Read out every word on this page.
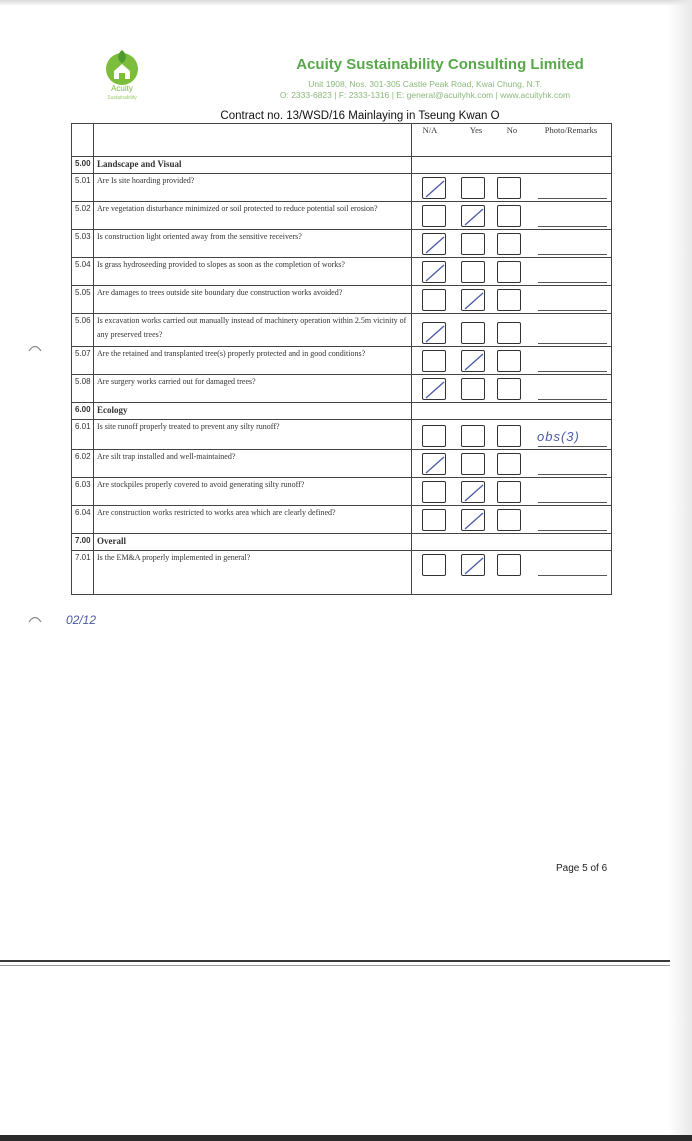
Acuity
Sustainability
Acuity Sustainability Consulting Limited
Unit 1908, Nos. 301-305 Castle Peak Road, Kwai Chung, N.T.
O: 2333-6823 | F: 2333-1316 | E: general@acuityhk.com | www.acuityhk.com
Contract no. 13/WSD/16 Mainlaying in Tseung Kwan O
N/A	Yes	No	Photo/Remarks
5.00 Landscape and Visual
5.01 Are Is site hoarding provided?
5.02 Are vegetation disturbance minimized or soil protected to reduce potential soil erosion?
5.03 Is construction light oriented away from the sensitive receivers?
5.04 Is grass hydroseeding provided to slopes as soon as the completion of works?
5.05 Are damages to trees outside site boundary due construction works avoided?
5.06 Is excavation works carried out manually instead of machinery operation within 2.5m vicinity of any preserved trees?
5.07 Are the retained and transplanted tree(s) properly protected and in good conditions?
5.08 Are surgery works carried out for damaged trees?
6.00 Ecology
6.01 Is site runoff properly treated to prevent any silty runoff?
obs(3)
6.02 Are silt trap installed and well-maintained?
6.03 Are stockpiles properly covered to avoid generating silty runoff?
6.04 Are construction works restricted to works area which are clearly defined?
7.00 Overall
7.01 Is the EM&A properly implemented in general?
02/12
Page 5 of 6
